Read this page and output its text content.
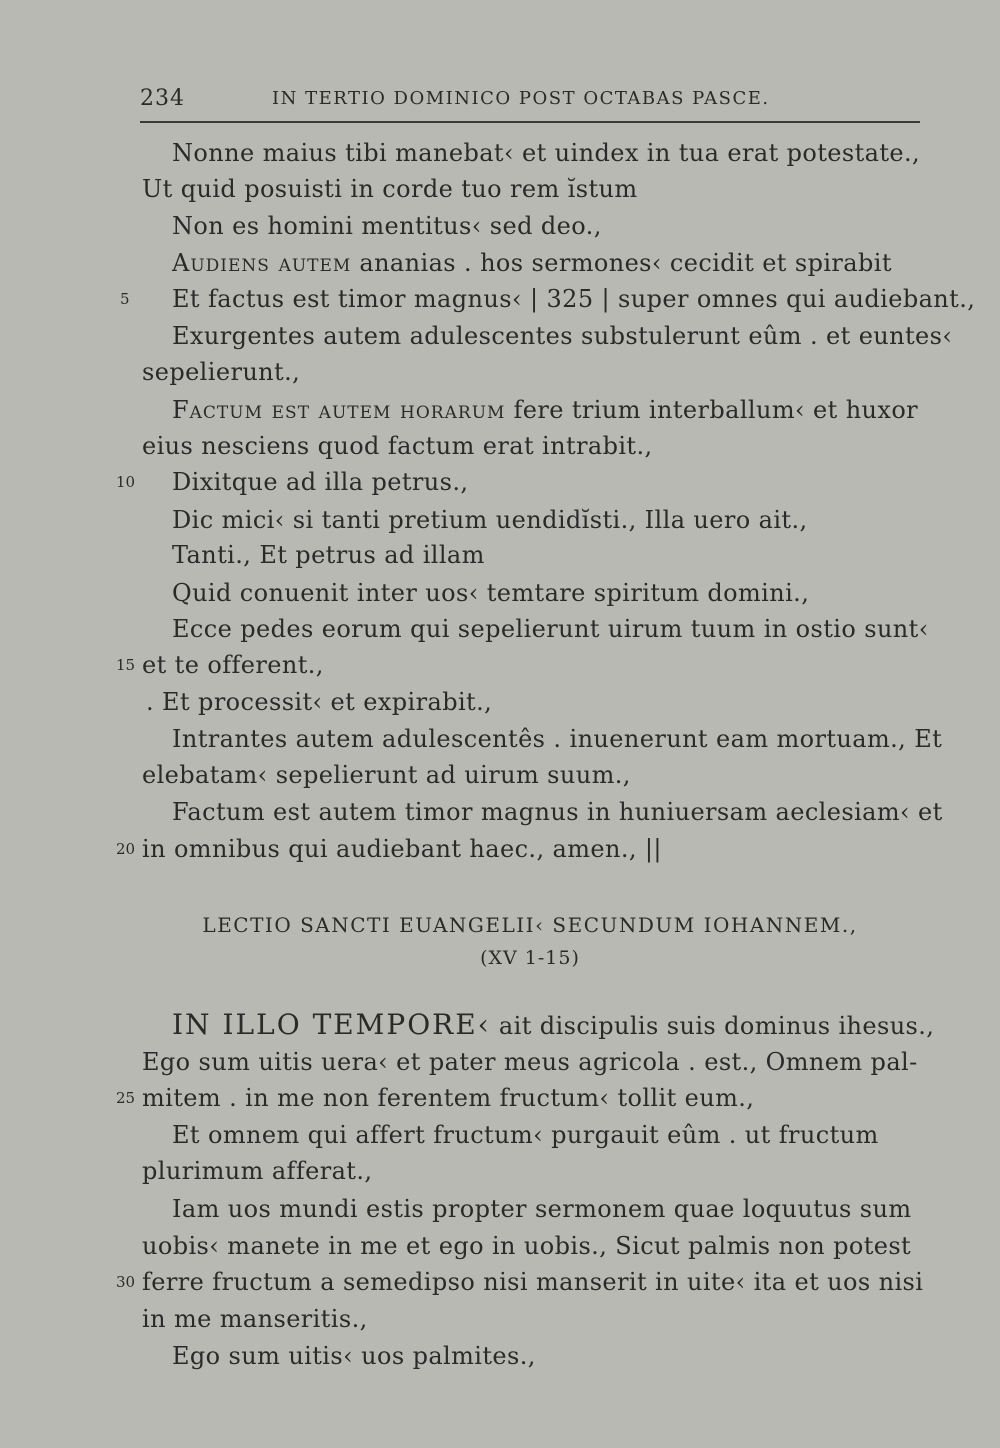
234	IN TERTIO DOMINICO POST OCTABAS PASCE.
Nonne maius tibi manebat‹ et uindex in tua erat potestate.,
Ut quid posuisti in corde tuo rem ĭstum
Non es homini mentitus‹ sed deo.,
Audiens autem ananias . hos sermones‹ cecidit et spirabit
Et factus est timor magnus‹ | 325 | super omnes qui audiebant.,
Exurgentes autem adulescentes substulerunt eûm . et euntes‹
sepelierunt.,
Factum est autem horarum fere trium interballum‹ et huxor
eius nesciens quod factum erat intrabit.,
Dixitque ad illa petrus.,
Dic mici‹ si tanti pretium uendidĭsti., Illa uero ait.,
Tanti., Et petrus ad illam
Quid conuenit inter uos‹ temtare spiritum domini.,
Ecce pedes eorum qui sepelierunt uirum tuum in ostio sunt‹
et te offerent.,
. Et processit‹ et expirabit.,
Intrantes autem adulescentês . inuenerunt eam mortuam., Et
elebatam‹ sepelierunt ad uirum suum.,
Factum est autem timor magnus in huniuersam aeclesiam‹ et
in omnibus qui audiebant haec., amen., ||
5
10
15
20
25
30
LECTIO SANCTI EUANGELII‹ SECUNDUM IOHANNEM.,
(XV 1-15)
IN ILLO TEMPORE‹ ait discipulis suis dominus ihesus.,
Ego sum uitis uera‹ et pater meus agricola . est., Omnem pal-
mitem . in me non ferentem fructum‹ tollit eum.,
Et omnem qui affert fructum‹ purgauit eûm . ut fructum
plurimum afferat.,
Iam uos mundi estis propter sermonem quae loquutus sum
uobis‹ manete in me et ego in uobis., Sicut palmis non potest
ferre fructum a semedipso nisi manserit in uite‹ ita et uos nisi
in me manseritis.,
Ego sum uitis‹ uos palmites.,
